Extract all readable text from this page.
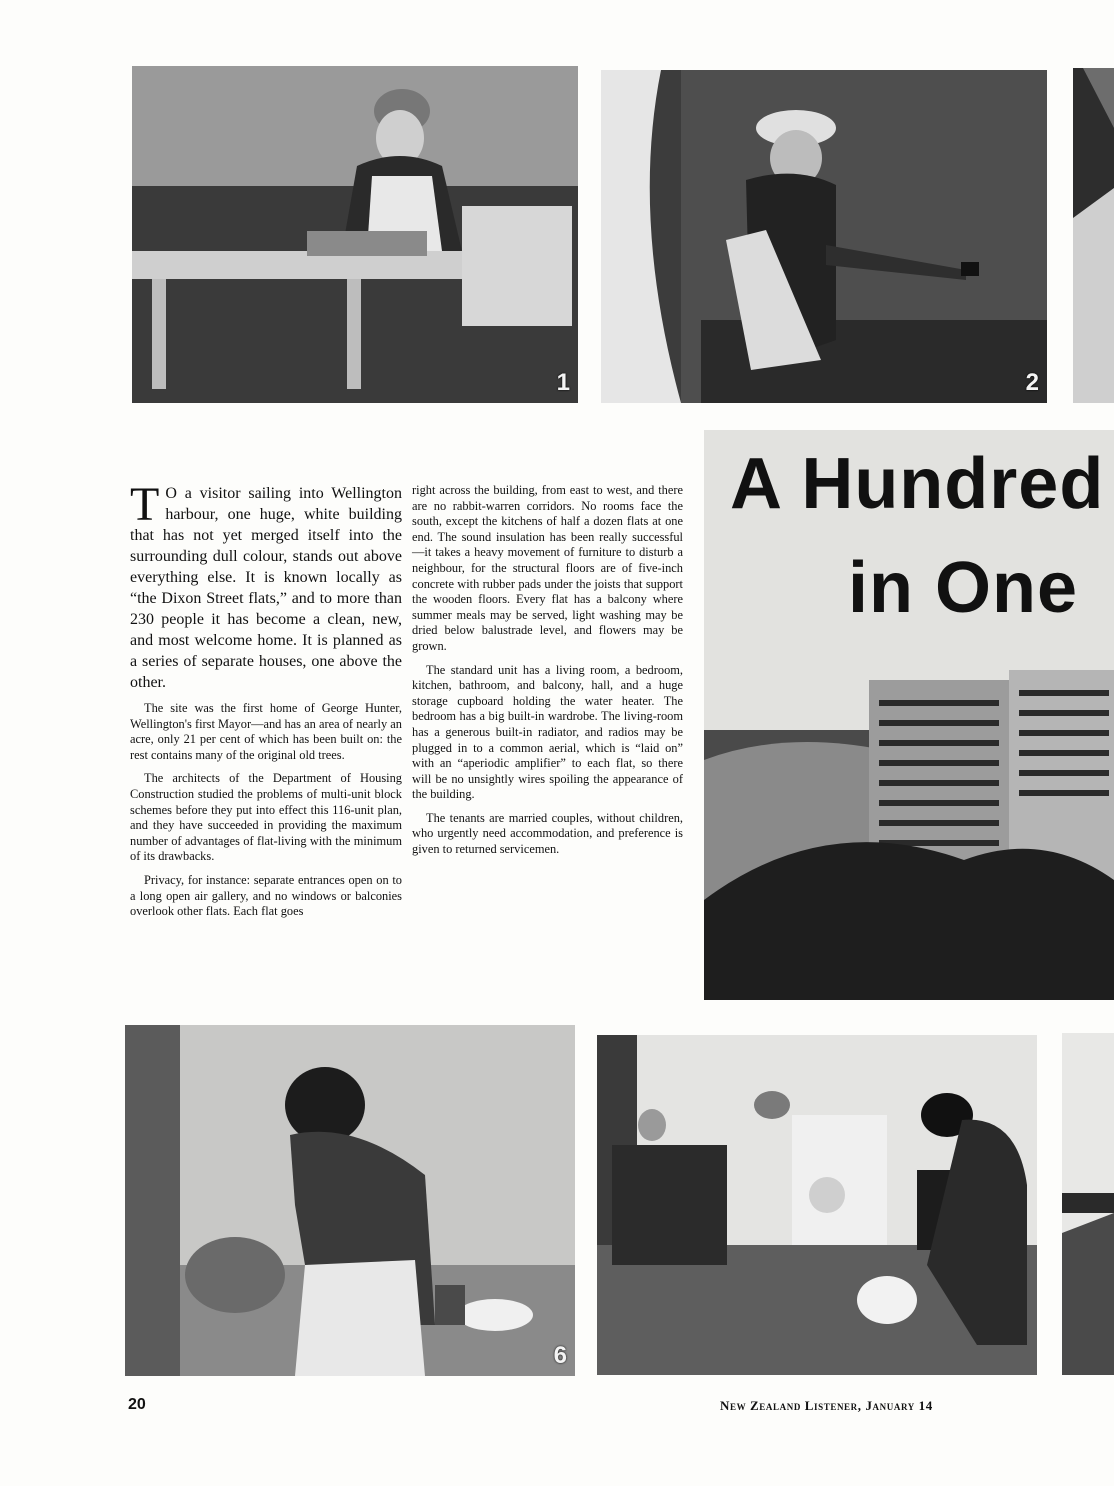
1	2
A Hundred
in One
6

T O a visitor sailing into Wellington harbour, one huge, white building that has not yet merged itself into the surrounding dull colour, stands out above everything else. It is known locally as “the Dixon Street flats,” and to more than 230 people it has become a clean, new, and most welcome home. It is planned as a series of separate houses, one above the other.

The site was the first home of George Hunter, Wellington's first Mayor—and has an area of nearly an acre, only 21 per cent of which has been built on: the rest contains many of the original old trees.

The architects of the Department of Housing Construction studied the problems of multi-unit block schemes before they put into effect this 116-unit plan, and they have succeeded in providing the maximum number of advantages of flat-living with the minimum of its drawbacks.

Privacy, for instance: separate entrances open on to a long open air gallery, and no windows or balconies overlook other flats. Each flat goes

right across the building, from east to west, and there are no rabbit-warren corridors. No rooms face the south, except the kitchens of half a dozen flats at one end. The sound insulation has been really successful—it takes a heavy movement of furniture to disturb a neighbour, for the structural floors are of five-inch concrete with rubber pads under the joists that support the wooden floors. Every flat has a balcony where summer meals may be served, light washing may be dried below balustrade level, and flowers may be grown.

The standard unit has a living room, a bedroom, kitchen, bathroom, and balcony, hall, and a huge storage cupboard holding the water heater. The bedroom has a big built-in wardrobe. The living-room has a generous built-in radiator, and radios may be plugged in to a common aerial, which is “laid on” with an “aperiodic amplifier” to each flat, so there will be no unsightly wires spoiling the appearance of the building.

The tenants are married couples, without children, who urgently need accommodation, and preference is given to returned servicemen.

20	New Zealand Listener, January 14
